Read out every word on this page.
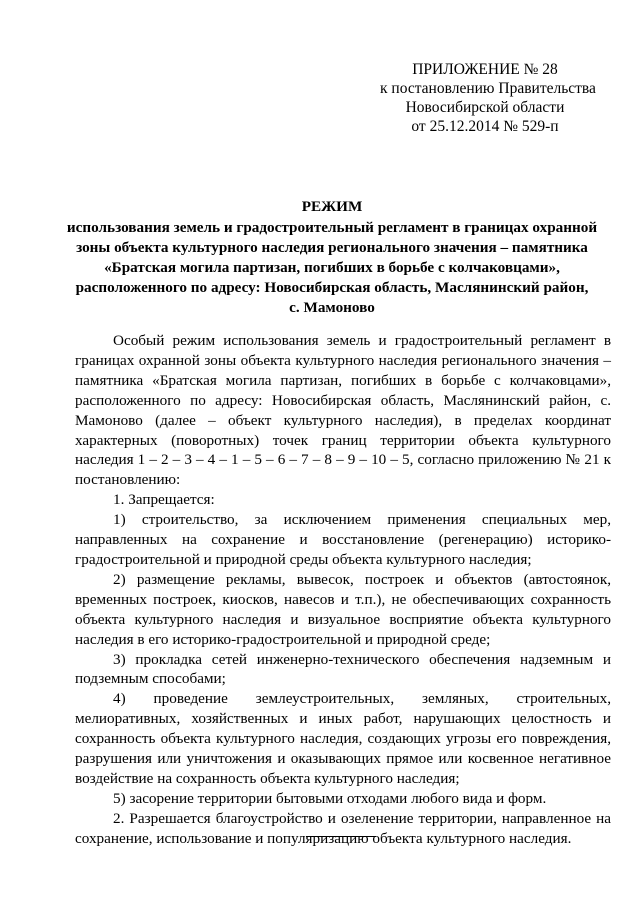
ПРИЛОЖЕНИЕ № 28
к постановлению Правительства
Новосибирской области
от 25.12.2014 № 529-п
РЕЖИМ
использования земель и градостроительный регламент в границах охранной
зоны объекта культурного наследия регионального значения – памятника
«Братская могила партизан, погибших в борьбе с колчаковцами»,
расположенного по адресу: Новосибирская область, Маслянинский район,
с. Мамоново

Особый режим использования земель и градостроительный регламент в границах охранной зоны объекта культурного наследия регионального значения – памятника «Братская могила партизан, погибших в борьбе с колчаковцами», расположенного по адресу: Новосибирская область, Маслянинский район, с. Мамоново (далее – объект культурного наследия), в пределах координат характерных (поворотных) точек границ территории объекта культурного наследия 1 – 2 – 3 – 4 – 1 – 5 – 6 – 7 – 8 – 9 – 10 – 5, согласно приложению № 21 к постановлению:

1. Запрещается:

1) строительство, за исключением применения специальных мер, направленных на сохранение и восстановление (регенерацию) историко-градостроительной и природной среды объекта культурного наследия;

2) размещение рекламы, вывесок, построек и объектов (автостоянок, временных построек, киосков, навесов и т.п.), не обеспечивающих сохранность объекта культурного наследия и визуальное восприятие объекта культурного наследия в его историко-градостроительной и природной среде;

3) прокладка сетей инженерно-технического обеспечения надземным и подземным способами;

4) проведение землеустроительных, земляных, строительных, мелиоративных, хозяйственных и иных работ, нарушающих целостность и сохранность объекта культурного наследия, создающих угрозы его повреждения, разрушения или уничтожения и оказывающих прямое или косвенное негативное воздействие на сохранность объекта культурного наследия;

5) засорение территории бытовыми отходами любого вида и форм.

2. Разрешается благоустройство и озеленение территории, направленное на сохранение, использование и популяризацию объекта культурного наследия.
